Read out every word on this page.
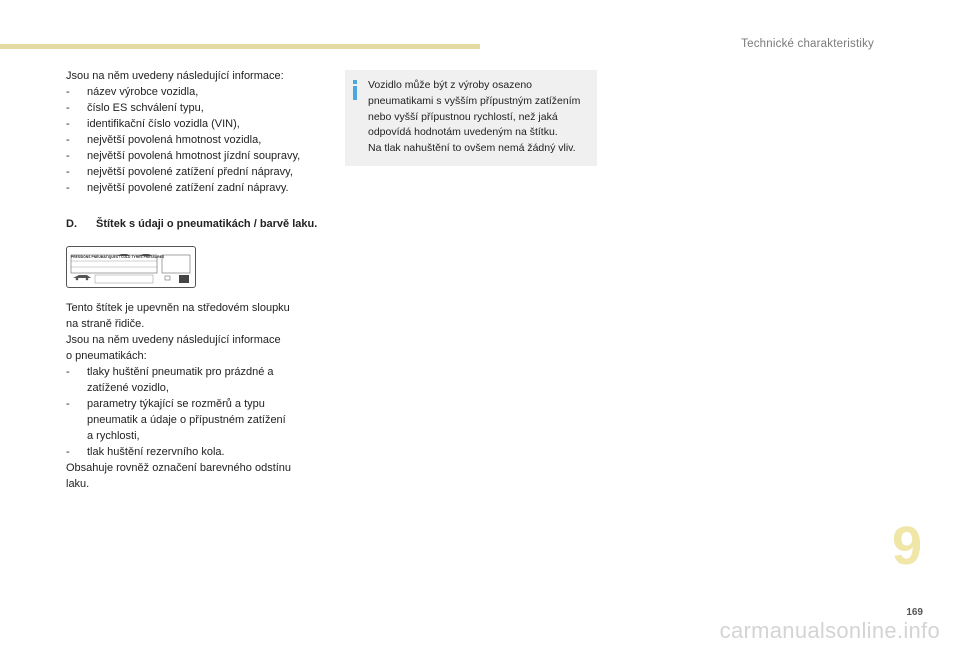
Technické charakteristiky

Jsou na něm uvedeny následující informace:

- název výrobce vozidla,
- číslo ES schválení typu,
- identifikační číslo vozidla (VIN),
- největší povolená hmotnost vozidla,
- největší povolená hmotnost jízdní soupravy,
- největší povolené zatížení přední nápravy,
- největší povolené zatížení zadní nápravy.
D.	Štítek s údaji o pneumatikách / barvě laku.
PRESSIONS PNEUMATIQUES / COLD TYRES PRESSURES

Tento štítek je upevněn na středovém sloupku

na straně řidiče.

Jsou na něm uvedeny následující informace

o pneumatikách:

- tlaky huštění pneumatik pro prázdné a
zatížené vozidlo,
- parametry týkající se rozměrů a typu
pneumatik a údaje o přípustném zatížení
a rychlosti,
- tlak huštění rezervního kola.

Obsahuje rovněž označení barevného odstínu

laku.

Vozidlo může být z výroby osazeno
pneumatikami s vyšším přípustným zatížením
nebo vyšší přípustnou rychlostí, než jaká
odpovídá hodnotám uvedeným na štítku.
Na tlak nahuštění to ovšem nemá žádný vliv.
9
169
carmanualsonline.info
